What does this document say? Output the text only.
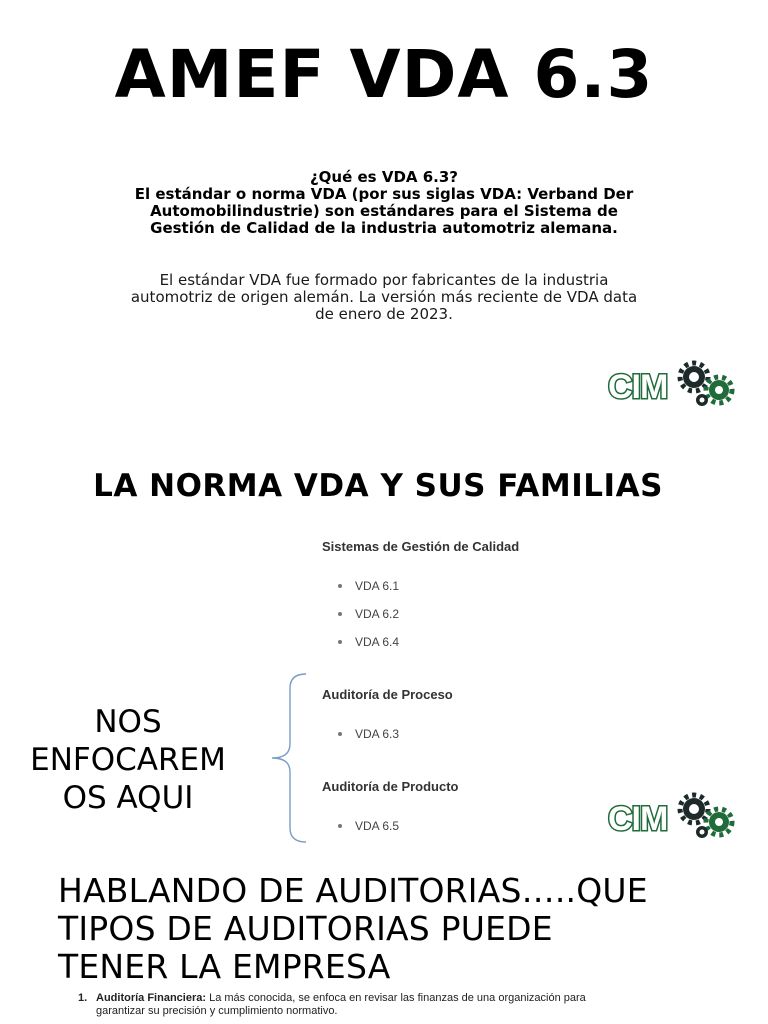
AMEF VDA 6.3
¿Qué es VDA 6.3?
El estándar o norma VDA (por sus siglas VDA: Verband Der
Automobilindustrie) son estándares para el Sistema de
Gestión de Calidad de la industria automotriz alemana.
El estándar VDA fue formado por fabricantes de la industria
automotriz de origen alemán. La versión más reciente de VDA data
de enero de 2023.
CIM
LA NORMA VDA Y SUS FAMILIAS
Sistemas de Gestión de Calidad
VDA 6.1
VDA 6.2
VDA 6.4
Auditoría de Proceso
VDA 6.3
Auditoría de Producto
VDA 6.5
NOS
ENFOCAREM
OS AQUI
CIM
HABLANDO DE AUDITORIAS…..QUE
TIPOS DE AUDITORIAS PUEDE
TENER LA EMPRESA
1. Auditoría Financiera: La más conocida, se enfoca en revisar las finanzas de una organización para
garantizar su precisión y cumplimiento normativo.
